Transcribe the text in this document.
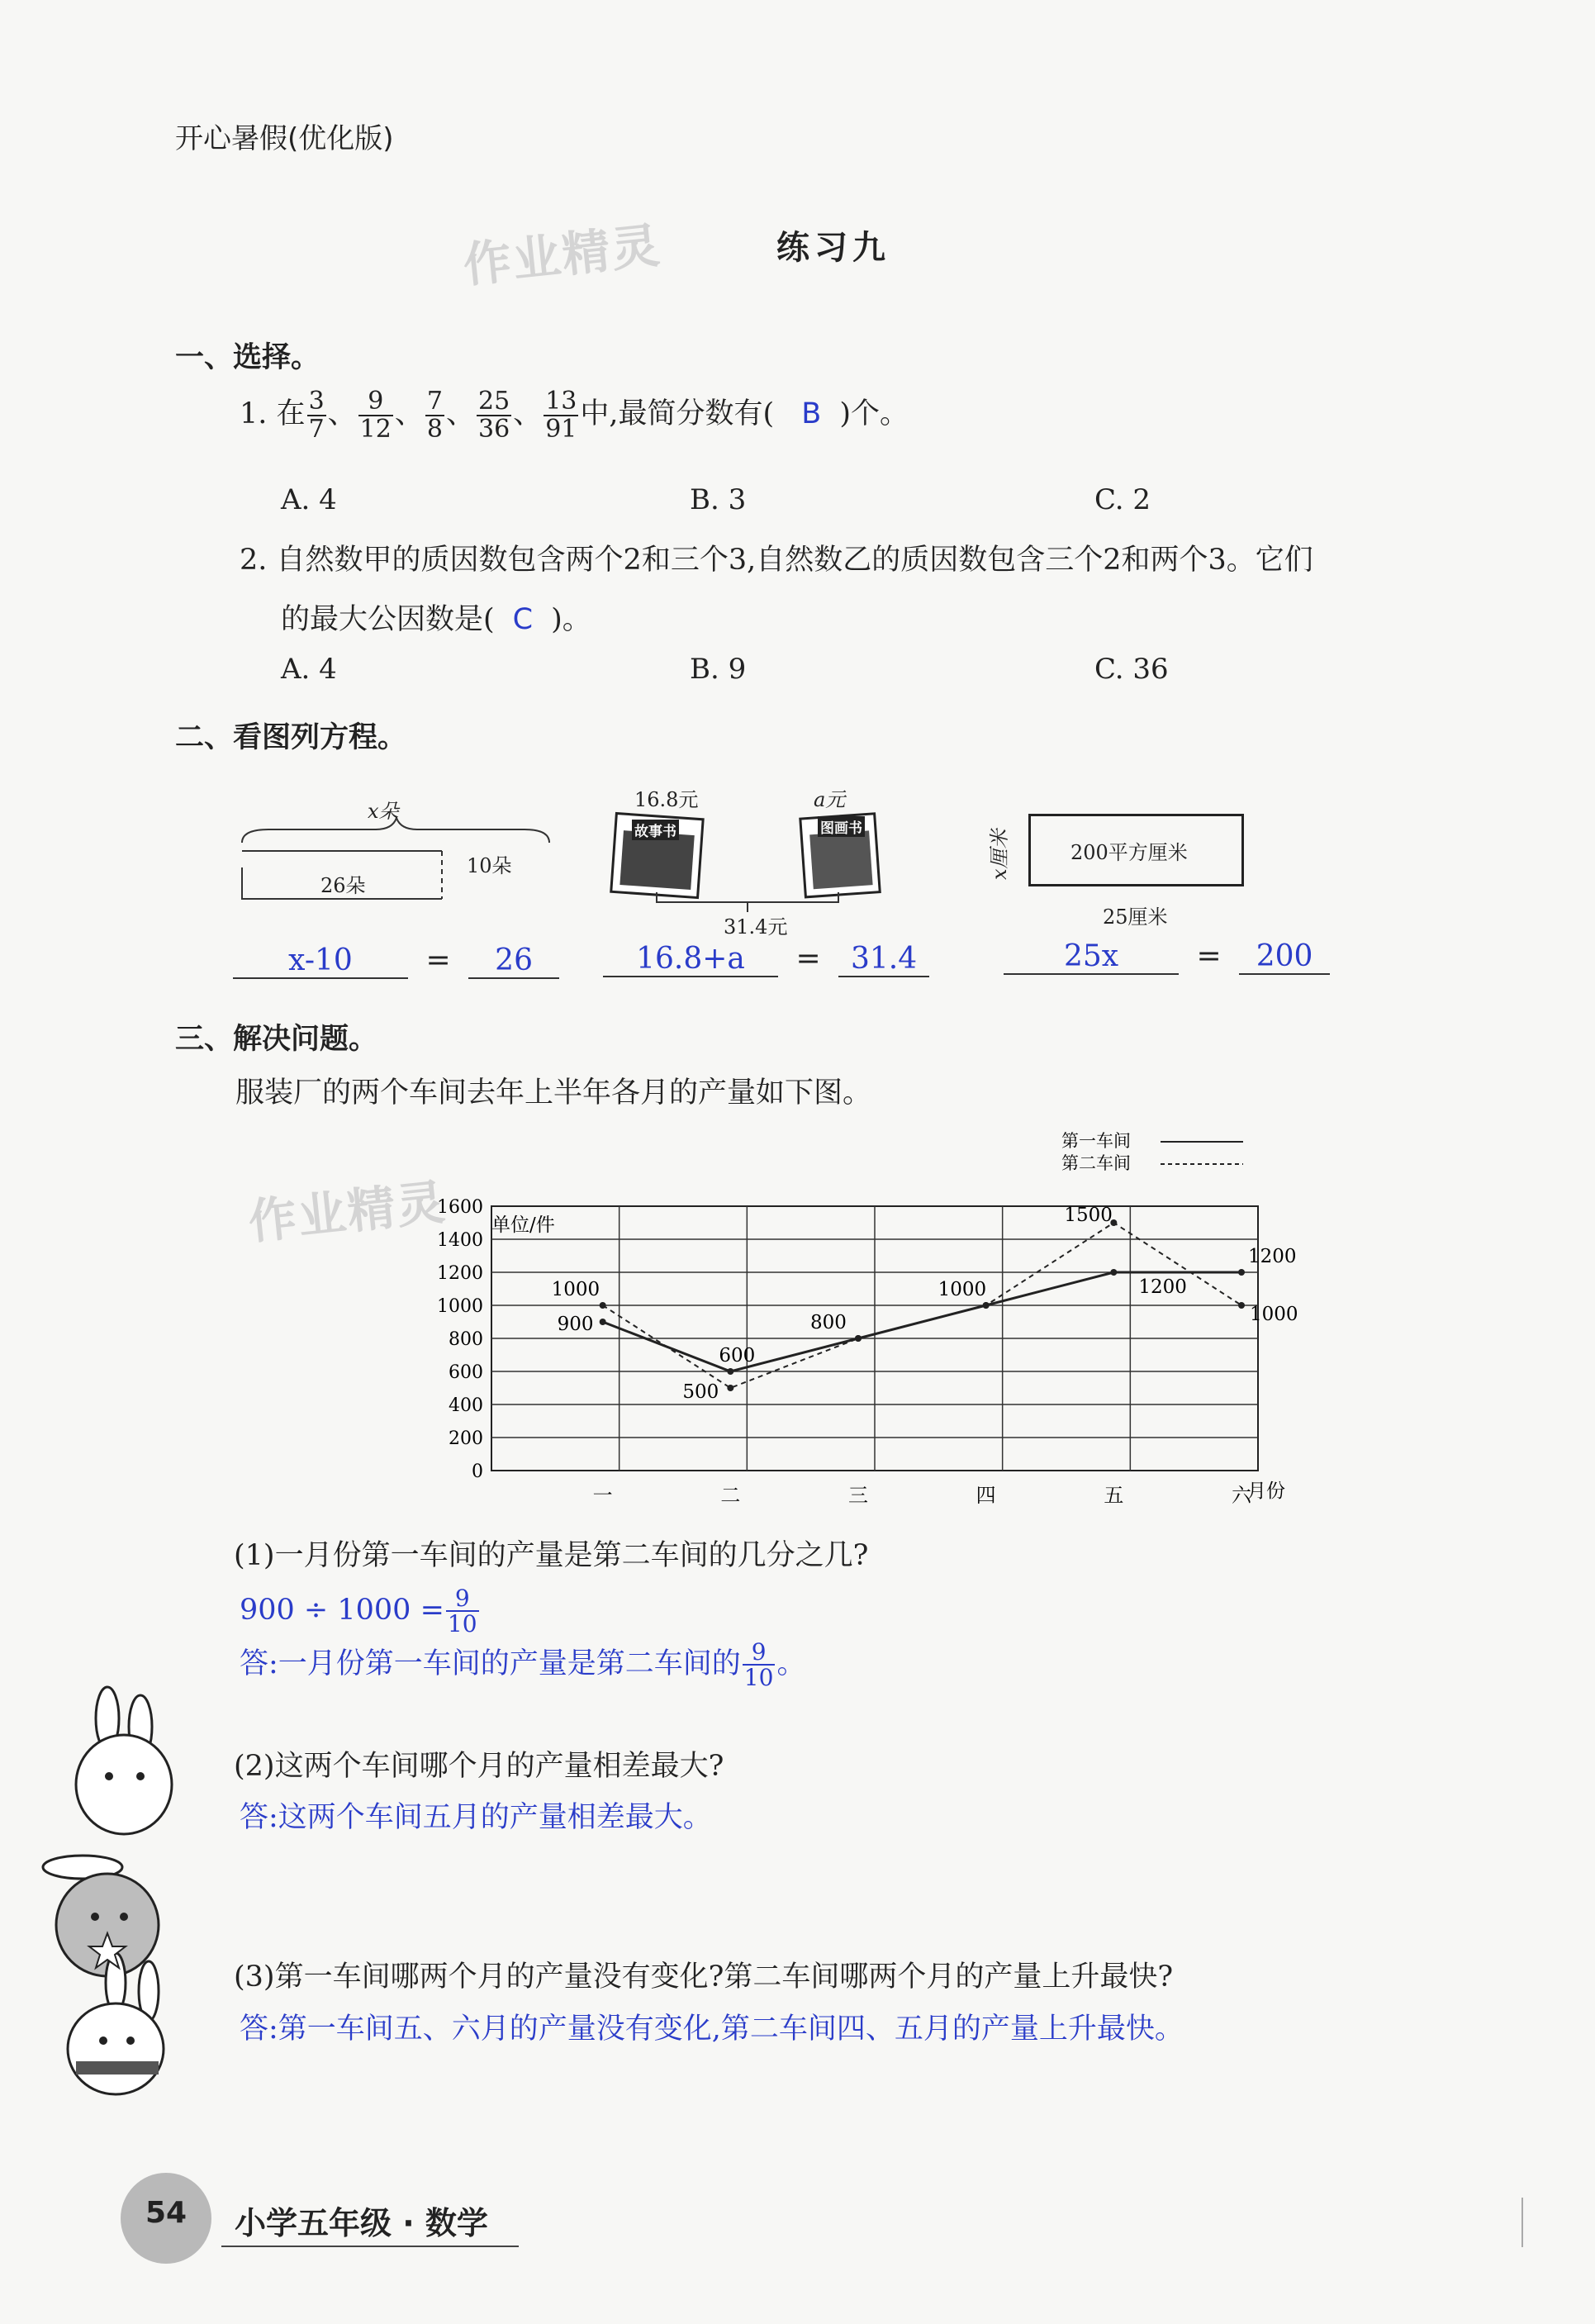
开心暑假(优化版)
练习九
作业精灵
作业精灵
一、选择。
1. 在 $\frac{3}{7}$ 、 $\frac{9}{12}$ 、 $\frac{7}{8}$ 、 $\frac{25}{36}$ 、 $\frac{13}{91}$ 中,最简分数有( B )个。
A. 4	B. 3	C. 2
2. 自然数甲的质因数包含两个2和三个3,自然数乙的质因数包含三个2和两个3。它们
的最大公因数是( C )。
A. 4	B. 9	C. 36
二、看图列方程。
x朵
26朵
10朵
16.8元	a元
故事书	图画书
31.4元
200平方厘米
x厘米
25厘米
x-10 = 26	16.8+a = 31.4	25x	= 200
三、解决问题。
服装厂的两个车间去年上半年各月的产量如下图。
第一车间
第二车间
单位/件
月份
0
200
400
600
800
1000
1200
1400
1600
一	二	三	四	五	六
900
600
800
1200
1200
1000
500
1000
1500
1000
(1)一月份第一车间的产量是第二车间的几分之几?
$900 \div 1000 = \frac{9}{10}$
答:一月份第一车间的产量是第二车间的 $\frac{9}{10}$ 。
(2)这两个车间哪个月的产量相差最大?
答:这两个车间五月的产量相差最大。
(3)第一车间哪两个月的产量没有变化?第二车间哪两个月的产量上升最快?
答:第一车间五、六月的产量没有变化,第二车间四、五月的产量上升最快。
54	小学五年级 · 数学
